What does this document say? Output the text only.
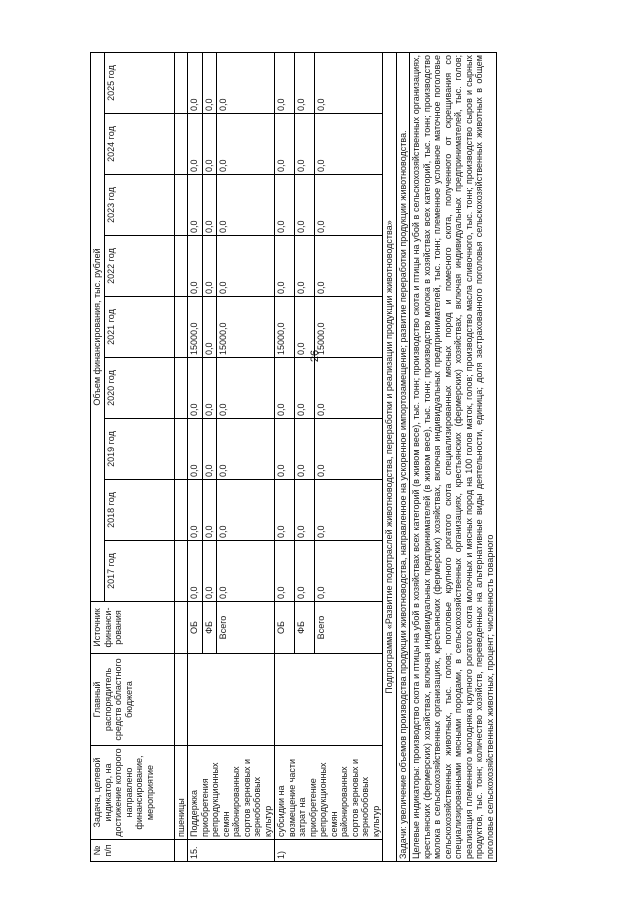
26
№ п/п	Задача, целевой индикатор, на достижение которого направлено финансирование, мероприятие	Главный распорядитель средств областного бюджета	Источник финанси-рования	Объем финансирования, тыс. рублей								
				2017 год	2018 год	2019 год	2020 год	2021 год	2022 год	2023 год	2024 год	2025 год
	пшеницы											
15.	Поддержка приобретения репродукционных семян районированных сортов зерновых и зернобобовых культур		ОБ	0,0	0,0	0,0	0,0	15000,0	0,0	0,0	0,0	0,0
			ФБ	0,0	0,0	0,0	0,0	0,0	0,0	0,0	0,0	0,0
			Всего	0,0	0,0	0,0	0,0	15000,0	0,0	0,0	0,0	0,0
1)	субсидии на возмещение части затрат на приобретение репродукционных семян районированных сортов зерновых и зернобобовых культур		ОБ	0,0	0,0	0,0	0,0	15000,0	0,0	0,0	0,0	0,0
			ФБ	0,0	0,0	0,0	0,0	0,0	0,0	0,0	0,0	0,0
			Всего	0,0	0,0	0,0	0,0	15000,0	0,0	0,0	0,0	0,0
Подпрограмма «Развитие подотраслей животноводства, переработки и реализации продукции животноводства»												
Задачи: увеличение объемов производства продукции животноводства, направленное на ускоренное импортозамещение; развитие переработки продукции животноводства.												
Целевые индикаторы: производство скота и птицы на убой в хозяйствах всех категорий (в живом весе), тыс. тонн; производство скота и птицы на убой в сельскохозяйственных организациях, крестьянских (фермерских) хозяйствах, включая индивидуальных предпринимателей (в живом весе), тыс. тонн; производство молока в хозяйствах всех категорий, тыс. тонн; производство молока в сельскохозяйственных организациях, крестьянских (фермерских) хозяйствах, включая индивидуальных предпринимателей, тыс. тонн; племенное условное маточное поголовье сельскохозяйственных животных, тыс. голов; поголовье крупного рогатого скота специализированных мясных пород и помесного скота, полученного от скрещивания со специализированными мясными породами, в сельскохозяйственных организациях, крестьянских (фермерских) хозяйствах, включая индивидуальных предпринимателей, тыс. голов; реализация племенного молодняка крупного рогатого скота молочных и мясных пород на 100 голов маток, голов; производство масла сливочного, тыс. тонн; производство сыров и сырных продуктов, тыс. тонн; количество хозяйств, переведенных на альтернативные виды деятельности, единица; доля застрахованного поголовья сельскохозяйственных животных в общем поголовье сельскохозяйственных животных, процент; численность товарного												
